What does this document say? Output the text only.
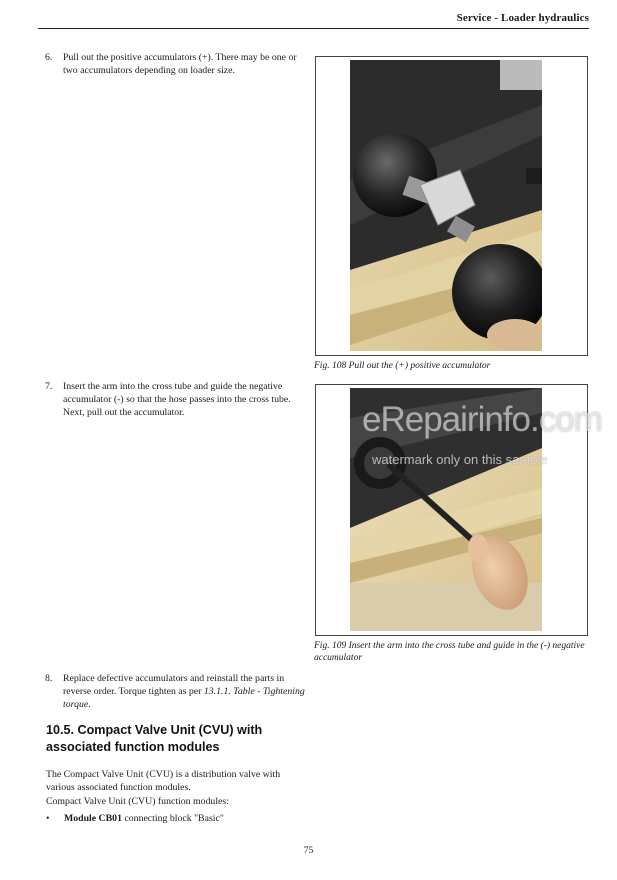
Service - Loader hydraulics
6. Pull out the positive accumulators (+). There may be one or two accumulators depending on loader size.
Fig. 108 Pull out the (+) positive accumulator
7. Insert the arm into the cross tube and guide the negative accumulator (-) so that the hose passes into the cross tube. Next, pull out the accumulator.
Fig. 109 Insert the arm into the cross tube and guide in the (-) negative accumulator
8. Replace defective accumulators and reinstall the parts in reverse order. Torque tighten as per 13.1.1. Table - Tightening torque.
10.5. Compact Valve Unit (CVU) with associated function modules
The Compact Valve Unit (CVU) is a distribution valve with various associated function modules.
Compact Valve Unit (CVU) function modules:
• Module CB01 connecting block "Basic"
75
eRepairinfo.com
watermark only on this sample
